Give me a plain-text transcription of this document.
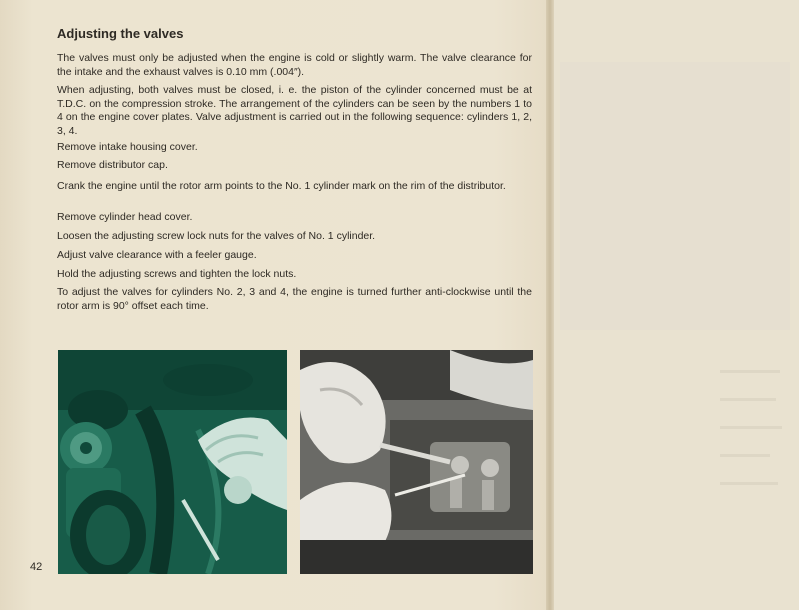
Adjusting the valves

The valves must only be adjusted when the engine is cold or slightly warm. The valve clearance for the intake and the exhaust valves is 0.10 mm (.004″).

When adjusting, both valves must be closed, i. e. the piston of the cylinder concerned must be at T.D.C. on the compression stroke. The arrangement of the cylinders can be seen by the numbers 1 to 4 on the engine cover plates. Valve adjustment is carried out in the following sequence: cylinders 1, 2, 3, 4.

Remove intake housing cover.

Remove distributor cap.

Crank the engine until the rotor arm points to the No. 1 cylinder mark on the rim of the distributor.

Remove cylinder head cover.

Loosen the adjusting screw lock nuts for the valves of No. 1 cylinder.

Adjust valve clearance with a feeler gauge.

Hold the adjusting screws and tighten the lock nuts.

To adjust the valves for cylinders No. 2, 3 and 4, the engine is turned further anti-clockwise until the rotor arm is 90° offset each time.

42
